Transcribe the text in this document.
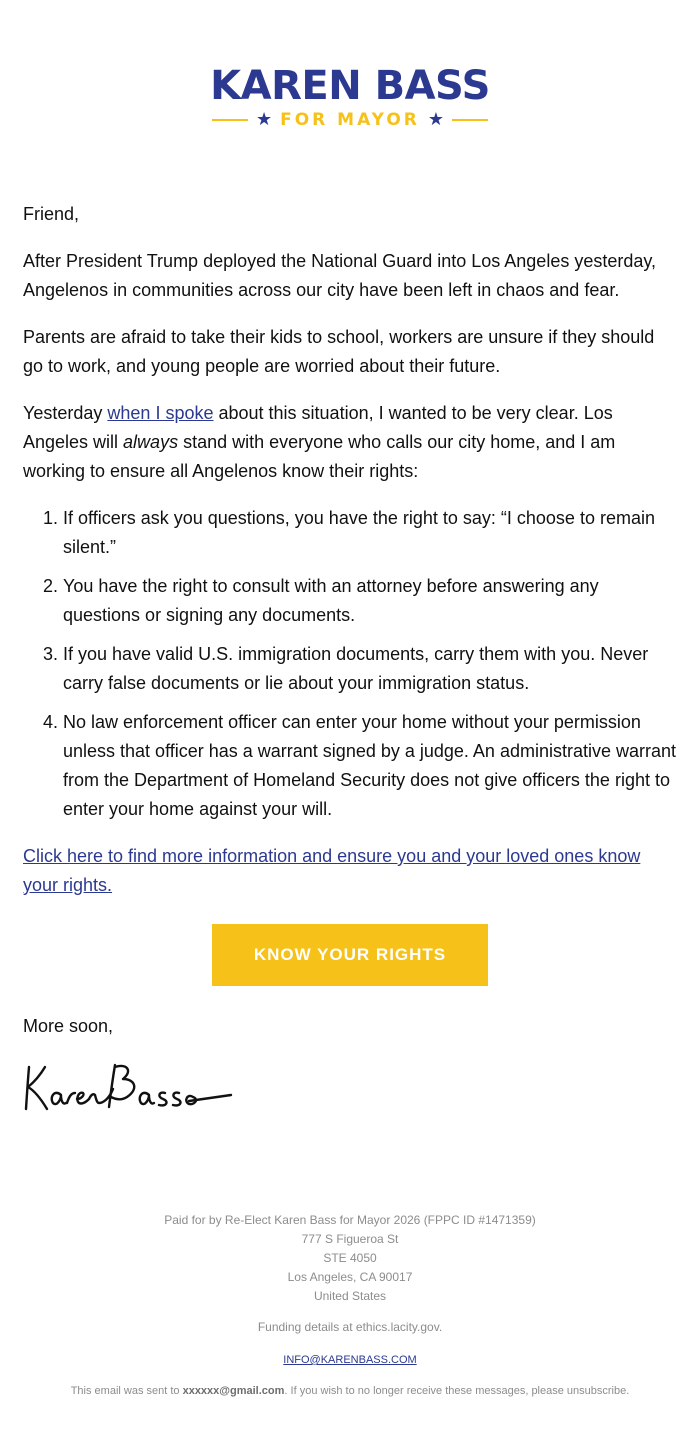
KAREN BASS
★ FOR MAYOR ★

Friend,

After President Trump deployed the National Guard into Los Angeles yesterday, Angelenos in communities across our city have been left in chaos and fear.

Parents are afraid to take their kids to school, workers are unsure if they should go to work, and young people are worried about their future.

Yesterday when I spoke about this situation, I wanted to be very clear. Los Angeles will always stand with everyone who calls our city home, and I am working to ensure all Angelenos know their rights:

1. If officers ask you questions, you have the right to say: “I choose to remain silent.”
2. You have the right to consult with an attorney before answering any questions or signing any documents.
3. If you have valid U.S. immigration documents, carry them with you. Never carry false documents or lie about your immigration status.
4. No law enforcement officer can enter your home without your permission unless that officer has a warrant signed by a judge. An administrative warrant from the Department of Homeland Security does not give officers the right to enter your home against your will.

Click here to find more information and ensure you and your loved ones know your rights.

KNOW YOUR RIGHTS

More soon,

Paid for by Re-Elect Karen Bass for Mayor 2026 (FPPC ID #1471359)

777 S Figueroa St

STE 4050

Los Angeles, CA 90017

United States

Funding details at ethics.lacity.gov.

INFO@KARENBASS.COM

This email was sent to xxxxxx@gmail.com. If you wish to no longer receive these messages, please unsubscribe.
